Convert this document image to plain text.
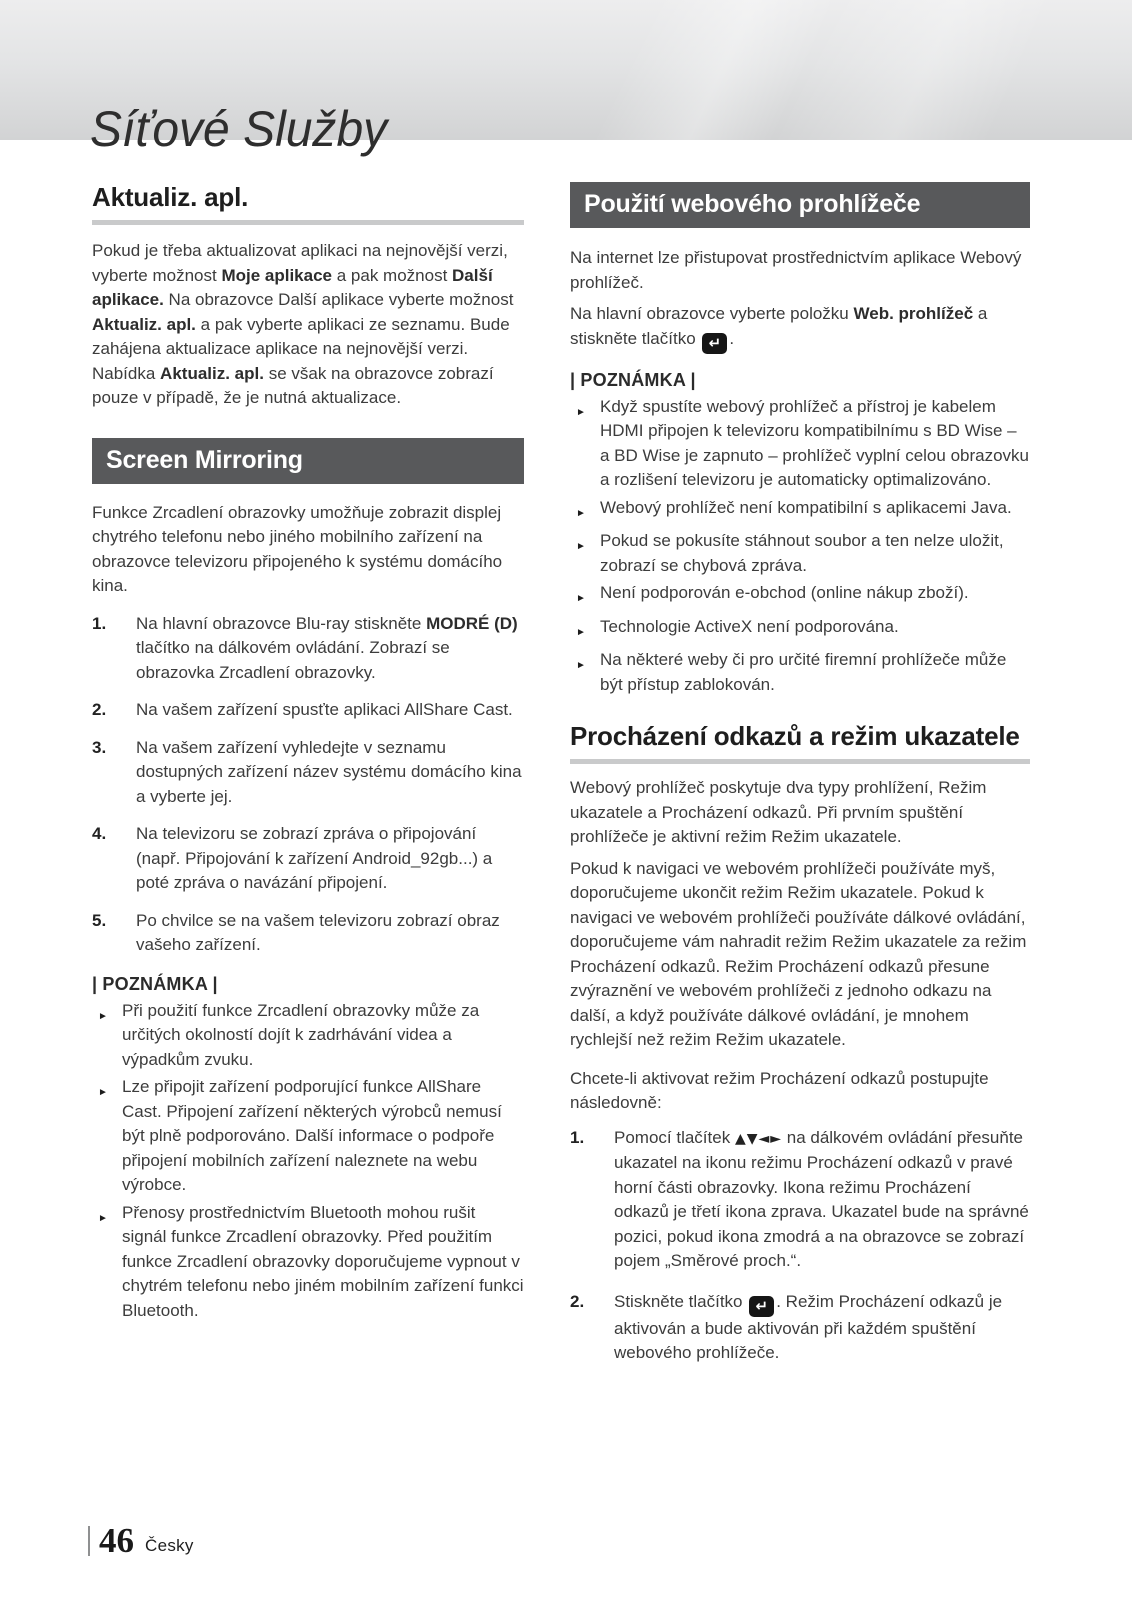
Síťové Služby
Aktualiz. apl.

Pokud je třeba aktualizovat aplikaci na nejnovější verzi, vyberte možnost Moje aplikace a pak možnost Další aplikace. Na obrazovce Další aplikace vyberte možnost Aktualiz. apl. a pak vyberte aplikaci ze seznamu. Bude zahájena aktualizace aplikace na nejnovější verzi. Nabídka Aktualiz. apl. se však na obrazovce zobrazí pouze v případě, že je nutná aktualizace.

Screen Mirroring

Funkce Zrcadlení obrazovky umožňuje zobrazit displej chytrého telefonu nebo jiného mobilního zařízení na obrazovce televizoru připojeného k systému domácího kina.

1.	Na hlavní obrazovce Blu-ray stiskněte MODRÉ (D) tlačítko na dálkovém ovládání. Zobrazí se obrazovka Zrcadlení obrazovky.
2.	Na vašem zařízení spusťte aplikaci AllShare Cast.
3.	Na vašem zařízení vyhledejte v seznamu dostupných zařízení název systému domácího kina a vyberte jej.
4.	Na televizoru se zobrazí zpráva o připojování (např. Připojování k zařízení Android_92gb...) a poté zpráva o navázání připojení.
5.	Po chvilce se na vašem televizoru zobrazí obraz vašeho zařízení.
| POZNÁMKA |
► Při použití funkce Zrcadlení obrazovky může za určitých okolností dojít k zadrhávání videa a výpadkům zvuku.
► Lze připojit zařízení podporující funkce AllShare Cast. Připojení zařízení některých výrobců nemusí být plně podporováno. Další informace o podpoře připojení mobilních zařízení naleznete na webu výrobce.
► Přenosy prostřednictvím Bluetooth mohou rušit signál funkce Zrcadlení obrazovky. Před použitím funkce Zrcadlení obrazovky doporučujeme vypnout v chytrém telefonu nebo jiném mobilním zařízení funkci Bluetooth.
Použití webového prohlížeče

Na internet lze přistupovat prostřednictvím aplikace Webový prohlížeč.

Na hlavní obrazovce vyberte položku Web. prohlížeč a stiskněte tlačítko ↵ .

| POZNÁMKA |
► Když spustíte webový prohlížeč a přístroj je kabelem HDMI připojen k televizoru kompatibilnímu s BD Wise – a BD Wise je zapnuto – prohlížeč vyplní celou obrazovku a rozlišení televizoru je automaticky optimalizováno.
► Webový prohlížeč není kompatibilní s aplikacemi Java.
► Pokud se pokusíte stáhnout soubor a ten nelze uložit, zobrazí se chybová zpráva.
► Není podporován e-obchod (online nákup zboží).
► Technologie ActiveX není podporována.
► Na některé weby či pro určité firemní prohlížeče může být přístup zablokován.
Procházení odkazů a režim ukazatele

Webový prohlížeč poskytuje dva typy prohlížení, Režim ukazatele a Procházení odkazů. Při prvním spuštění prohlížeče je aktivní režim Režim ukazatele.

Pokud k navigaci ve webovém prohlížeči používáte myš, doporučujeme ukončit režim Režim ukazatele. Pokud k navigaci ve webovém prohlížeči používáte dálkové ovládání, doporučujeme vám nahradit režim Režim ukazatele za režim Procházení odkazů. Režim Procházení odkazů přesune zvýraznění ve webovém prohlížeči z jednoho odkazu na další, a když používáte dálkové ovládání, je mnohem rychlejší než režim Režim ukazatele.

Chcete-li aktivovat režim Procházení odkazů postupujte následovně:

1.	Pomocí tlačítek ▲▼◄► na dálkovém ovládání přesuňte ukazatel na ikonu režimu Procházení odkazů v pravé horní části obrazovky. Ikona režimu Procházení odkazů je třetí ikona zprava. Ukazatel bude na správné pozici, pokud ikona zmodrá a na obrazovce se zobrazí pojem „Směrové proch.“.
2.	Stiskněte tlačítko ↵ . Režim Procházení odkazů je aktivován a bude aktivován při každém spuštění webového prohlížeče.
46 Česky
